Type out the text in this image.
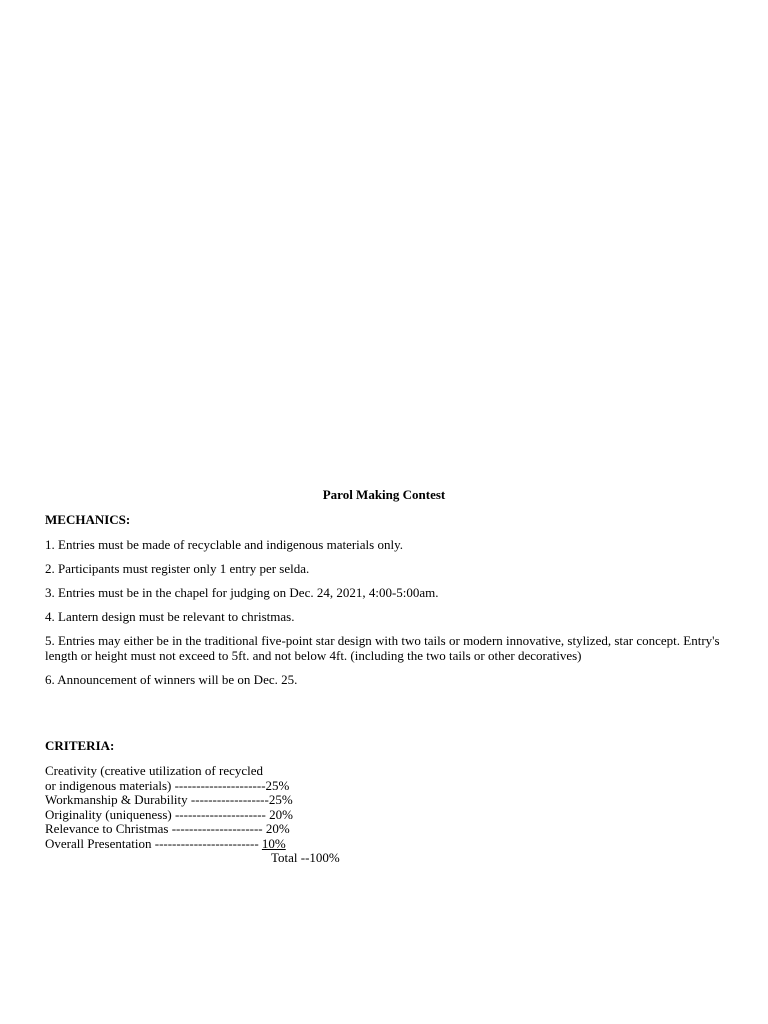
Parol Making Contest
MECHANICS:

1. Entries must be made of recyclable and indigenous materials only.

2. Participants must register only 1 entry per selda.

3. Entries must be in the chapel for judging on Dec. 24, 2021, 4:00-5:00am.

4. Lantern design must be relevant to christmas.

5. Entries may either be in the traditional five-point star design with two tails or modern innovative, stylized, star concept. Entry's length or height must not exceed to 5ft. and not below 4ft. (including the two tails or other decoratives)

6. Announcement of winners will be on Dec. 25.

CRITERIA:
Creativity (creative utilization of recycled
or indigenous materials) ---------------------25%
Workmanship & Durability ------------------25%
Originality (uniqueness) --------------------- 20%
Relevance to Christmas --------------------- 20%
Overall Presentation ------------------------ 10%
Total --100%
